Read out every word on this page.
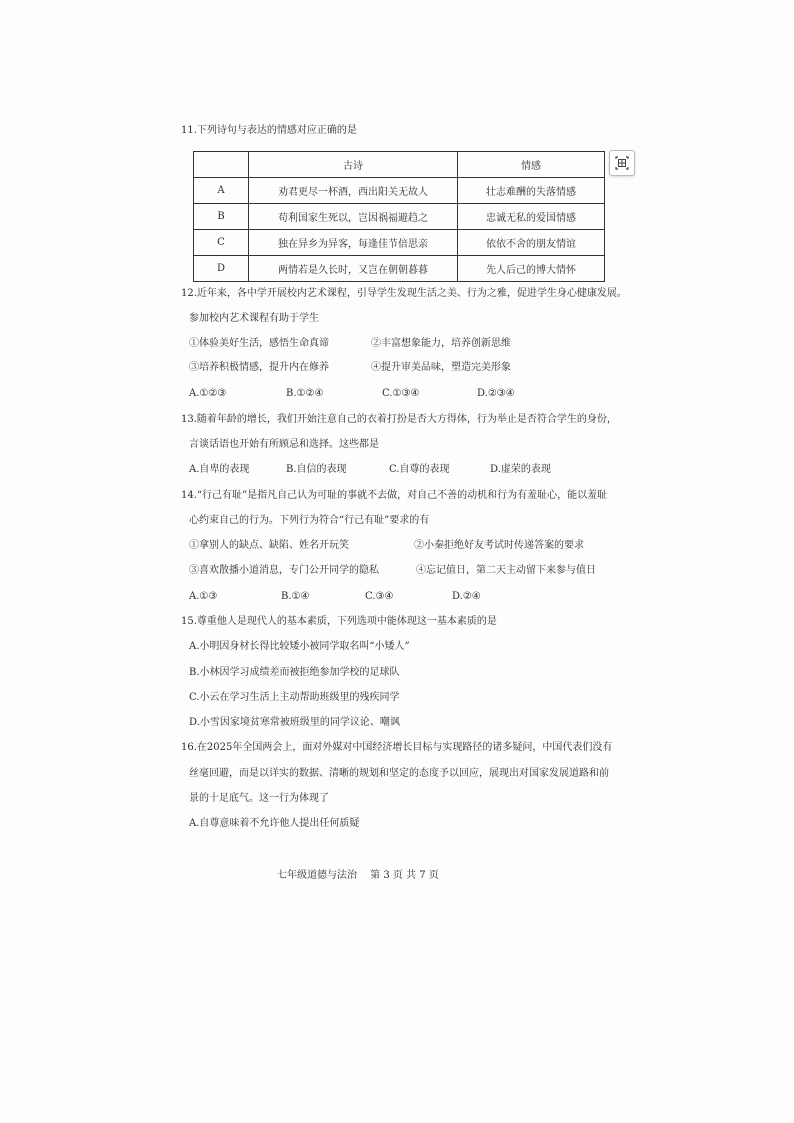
11.下列诗句与表达的情感对应正确的是
	古诗	情感
A	劝君更尽一杯酒，西出阳关无故人	壮志难酬的失落情感
B	苟利国家生死以，岂因祸福避趋之	忠诚无私的爱国情感
C	独在异乡为异客，每逢佳节倍思亲	依依不舍的朋友情谊
D	两情若是久长时，又岂在朝朝暮暮	先人后己的博大情怀
12.近年来，各中学开展校内艺术课程，引导学生发现生活之美、行为之雅，促进学生身心健康发展。
参加校内艺术课程有助于学生
①体验美好生活，感悟生命真谛	②丰富想象能力，培养创新思维
③培养积极情感，提升内在修养	④提升审美品味，塑造完美形象
A.①②③	B.①②④	C.①③④	D.②③④
13.随着年龄的增长，我们开始注意自己的衣着打扮是否大方得体，行为举止是否符合学生的身份，
言谈话语也开始有所顾忌和选择。这些都是
A.自卑的表现	B.自信的表现	C.自尊的表现	D.虚荣的表现
14.“行己有耻”是指凡自己认为可耻的事就不去做，对自己不善的动机和行为有羞耻心，能以羞耻
心约束自己的行为。下列行为符合“行己有耻”要求的有
①拿别人的缺点、缺陷、姓名开玩笑	②小秦拒绝好友考试时传递答案的要求
③喜欢散播小道消息，专门公开同学的隐私	④忘记值日，第二天主动留下来参与值日
A.①③	B.①④	C.③④	D.②④
15.尊重他人是现代人的基本素质，下列选项中能体现这一基本素质的是
A.小明因身材长得比较矮小被同学取名叫“小矮人”
B.小林因学习成绩差而被拒绝参加学校的足球队
C.小云在学习生活上主动帮助班级里的残疾同学
D.小雪因家境贫寒常被班级里的同学议论、嘲讽
16.在2025年全国两会上，面对外媒对中国经济增长目标与实现路径的诸多疑问，中国代表们没有
丝毫回避，而是以详实的数据、清晰的规划和坚定的态度予以回应，展现出对国家发展道路和前
景的十足底气。这一行为体现了
A.自尊意味着不允许他人提出任何质疑
七年级道德与法治　 第 3 页 共 7 页
